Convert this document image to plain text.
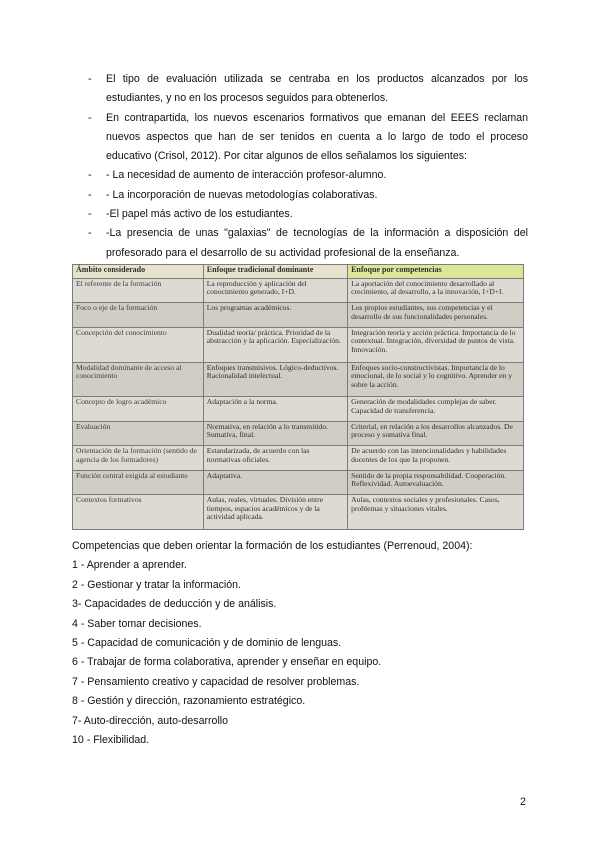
- El tipo de evaluación utilizada se centraba en los productos alcanzados por los estudiantes, y no en los procesos seguidos para obtenerlos.
- En contrapartida, los nuevos escenarios formativos que emanan del EEES reclaman nuevos aspectos que han de ser tenidos en cuenta a lo largo de todo el proceso educativo (Crisol, 2012). Por citar algunos de ellos señalamos los siguientes:
- - La necesidad de aumento de interacción profesor-alumno.
- - La incorporación de nuevas metodologías colaborativas.
- -El papel más activo de los estudiantes.
- -La presencia de unas "galaxias" de tecnologías de la información a disposición del profesorado para el desarrollo de su actividad profesional de la enseñanza.
Ámbito considerado	Enfoque tradicional dominante	Enfoque por competencias
El referente de la formación	La reproducción y aplicación del conocimiento generado, I+D.	La aportación del conocimiento desarrollado al crecimiento, al desarrollo, a la innovación, I+D+I.
Foco o eje de la formación	Los programas académicos.	Los propios estudiantes, sus competencias y el desarrollo de sus funcionalidades personales.
Concepción del conocimiento	Dualidad teoría/ práctica. Prioridad de la abstracción y la aplicación. Especialización.	Integración teoría y acción práctica. Importancia de lo contextual. Integración, diversidad de puntos de vista. Innovación.
Modalidad dominante de acceso al conocimiento	Enfoques transmisivos. Lógico-deductivos. Racionalidad intelectual.	Enfoques socio-constructivistas. Importancia de lo emocional, de lo social y lo cognitivo. Aprender en y sobre la acción.
Concepto de logro académico	Adaptación a la norma.	Generación de modalidades complejas de saber. Capacidad de transferencia.
Evaluación	Normativa, en relación a lo transmitido. Sumativa, final.	Criterial, en relación a los desarrollos alcanzados. De proceso y sumativa final.
Orientación de la formación (sentido de agencia de los formadores)	Estandarizada, de acuerdo con las normativas oficiales.	De acuerdo con las intencionalidades y habilidades docentes de los que la proponen.
Función central exigida al estudiante	Adaptativa.	Sentido de la propia responsabilidad. Cooperación. Reflexividad. Autoevaluación.
Contextos formativos	Aulas, reales, virtuales. División entre tiempos, espacios académicos y de la actividad aplicada.	Aulas, contextos sociales y profesionales. Casos, problemas y situaciones vitales.
Competencias que deben orientar la formación de los estudiantes (Perrenoud, 2004):
1 - Aprender a aprender.
2 - Gestionar y tratar la información.
3- Capacidades de deducción y de análisis.
4 - Saber tomar decisiones.
5 - Capacidad de comunicación y de dominio de lenguas.
6 - Trabajar de forma colaborativa, aprender y enseñar en equipo.
7 - Pensamiento creativo y capacidad de resolver problemas.
8 - Gestión y dirección, razonamiento estratégico.
7- Auto-dirección, auto-desarrollo
10 - Flexibilidad.
2
